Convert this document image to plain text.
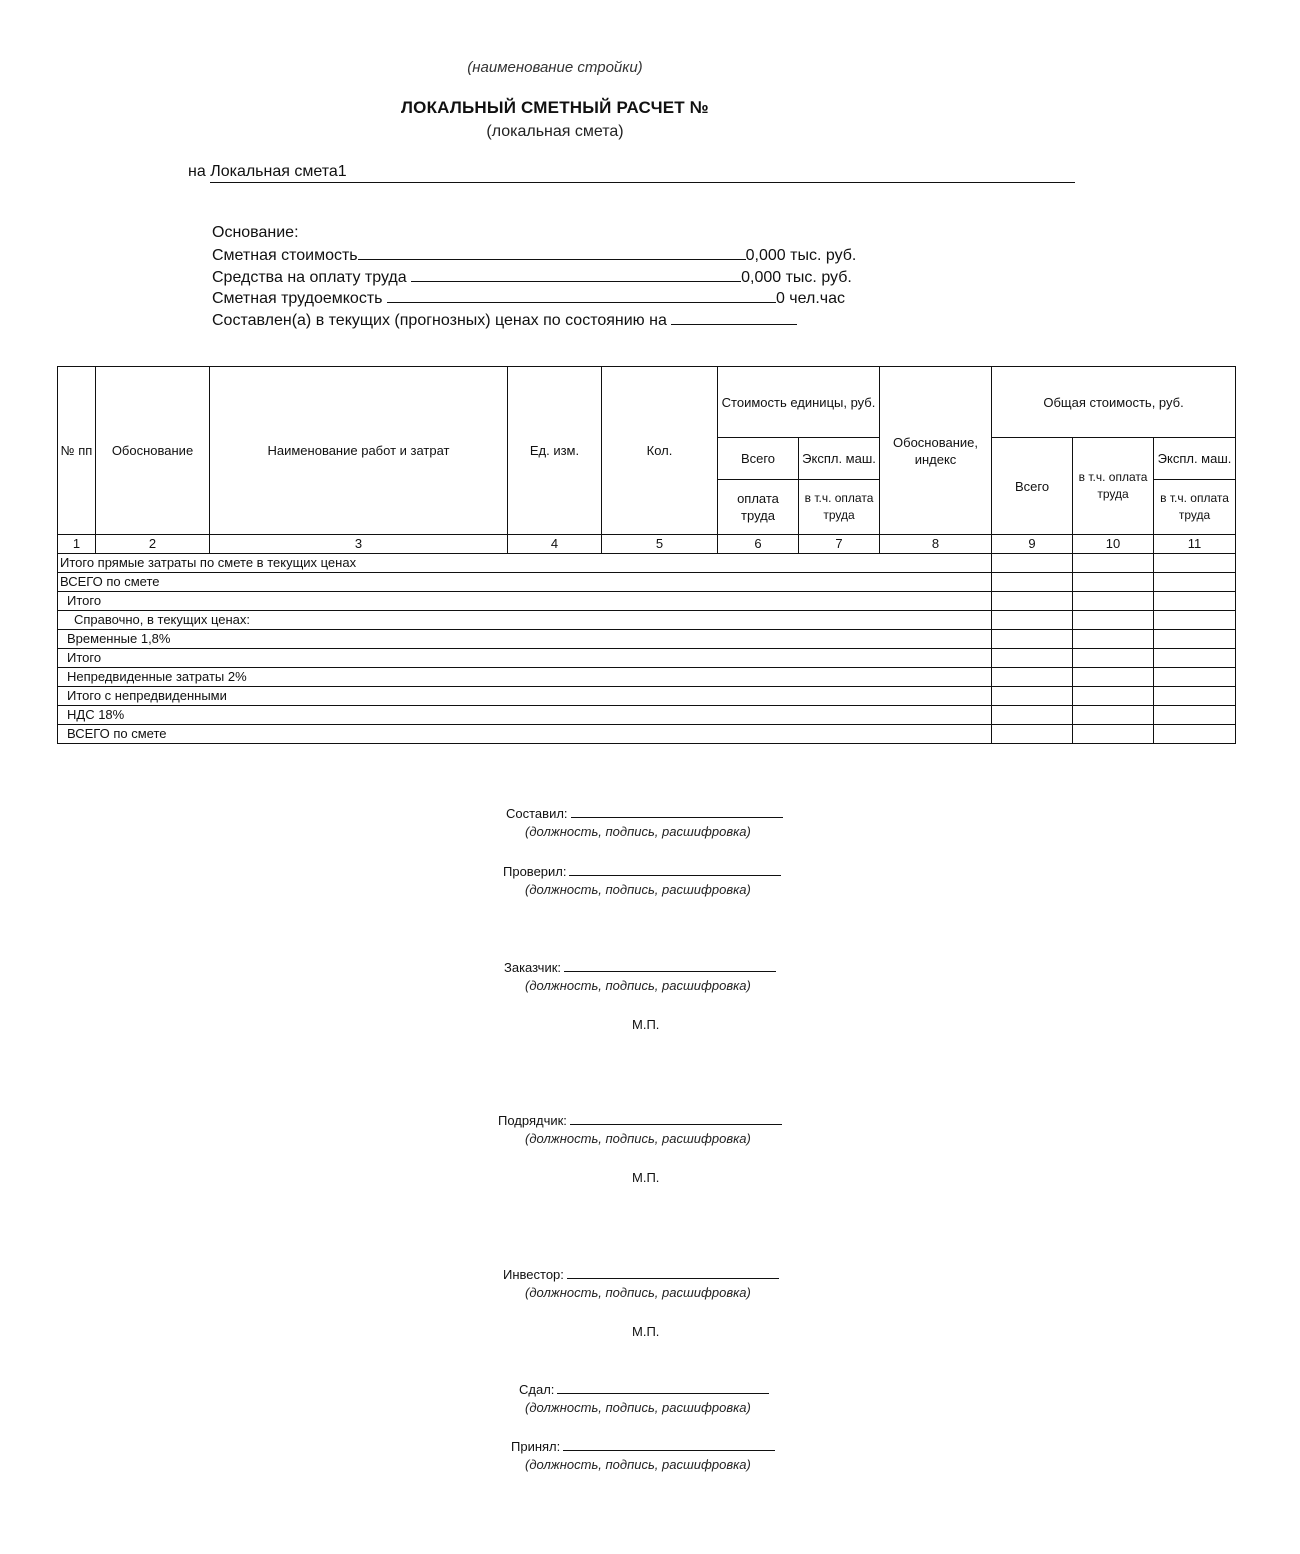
(наименование стройки)
ЛОКАЛЬНЫЙ СМЕТНЫЙ РАСЧЕТ №
(локальная смета)
на Локальная смета1
Основание:
Сметная стоимость	0,000 тыс. руб.
Средства на оплату труда	0,000 тыс. руб.
Сметная трудоемкость	0 чел.час
Составлен(а) в текущих (прогнозных) ценах по состоянию на
№ пп	Обоснование	Наименование работ и затрат	Ед. изм.	Кол.	Стоимость единицы, руб.		Обоснование, индекс	Общая стоимость, руб.		
					Всего	Экспл. маш.		Всего	в т.ч. оплата труда	Экспл. маш.
					оплата труда	в т.ч. оплата труда				в т.ч. оплата труда
1	2	3	4	5	6	7	8	9	10	11
Итого прямые затраты по смете в текущих ценах										
ВСЕГО по смете										
Итого										
Справочно, в текущих ценах:										
Временные 1,8%										
Итого										
Непредвиденные затраты 2%										
Итого с непредвиденными										
НДС 18%										
ВСЕГО по смете										
Составил:
(должность, подпись, расшифровка)
Проверил:
(должность, подпись, расшифровка)
Заказчик:
(должность, подпись, расшифровка)
М.П.
Подрядчик:
(должность, подпись, расшифровка)
М.П.
Инвестор:
(должность, подпись, расшифровка)
М.П.
Сдал:
(должность, подпись, расшифровка)
Принял:
(должность, подпись, расшифровка)
